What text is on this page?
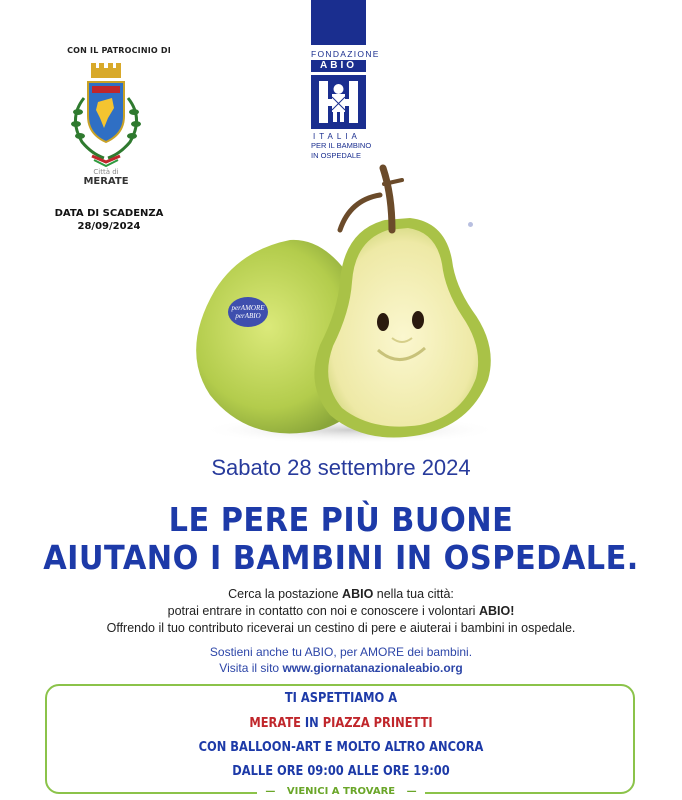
CON IL PATROCINIO DI
Città di
MERATE
DATA DI SCADENZA
28/09/2024
FONDAZIONE
ABIO
ITALIA
PER IL BAMBINO
IN OSPEDALE
perAMORE
perABIO
Sabato 28 settembre 2024
LE PERE PIÙ BUONE
AIUTANO I BAMBINI IN OSPEDALE.
Cerca la postazione ABIO nella tua città:
potrai entrare in contatto con noi e conoscere i volontari ABIO!
Offrendo il tuo contributo riceverai un cestino di pere e aiuterai i bambini in ospedale.
Sostieni anche tu ABIO, per AMORE dei bambini.
Visita il sito www.giornatanazionaleabio.org
TI ASPETTIAMO A
MERATE IN PIAZZA PRINETTI
CON BALLOON-ART E MOLTO ALTRO ANCORA
DALLE ORE 09:00 ALLE ORE 19:00
— VIENICI A TROVARE —
